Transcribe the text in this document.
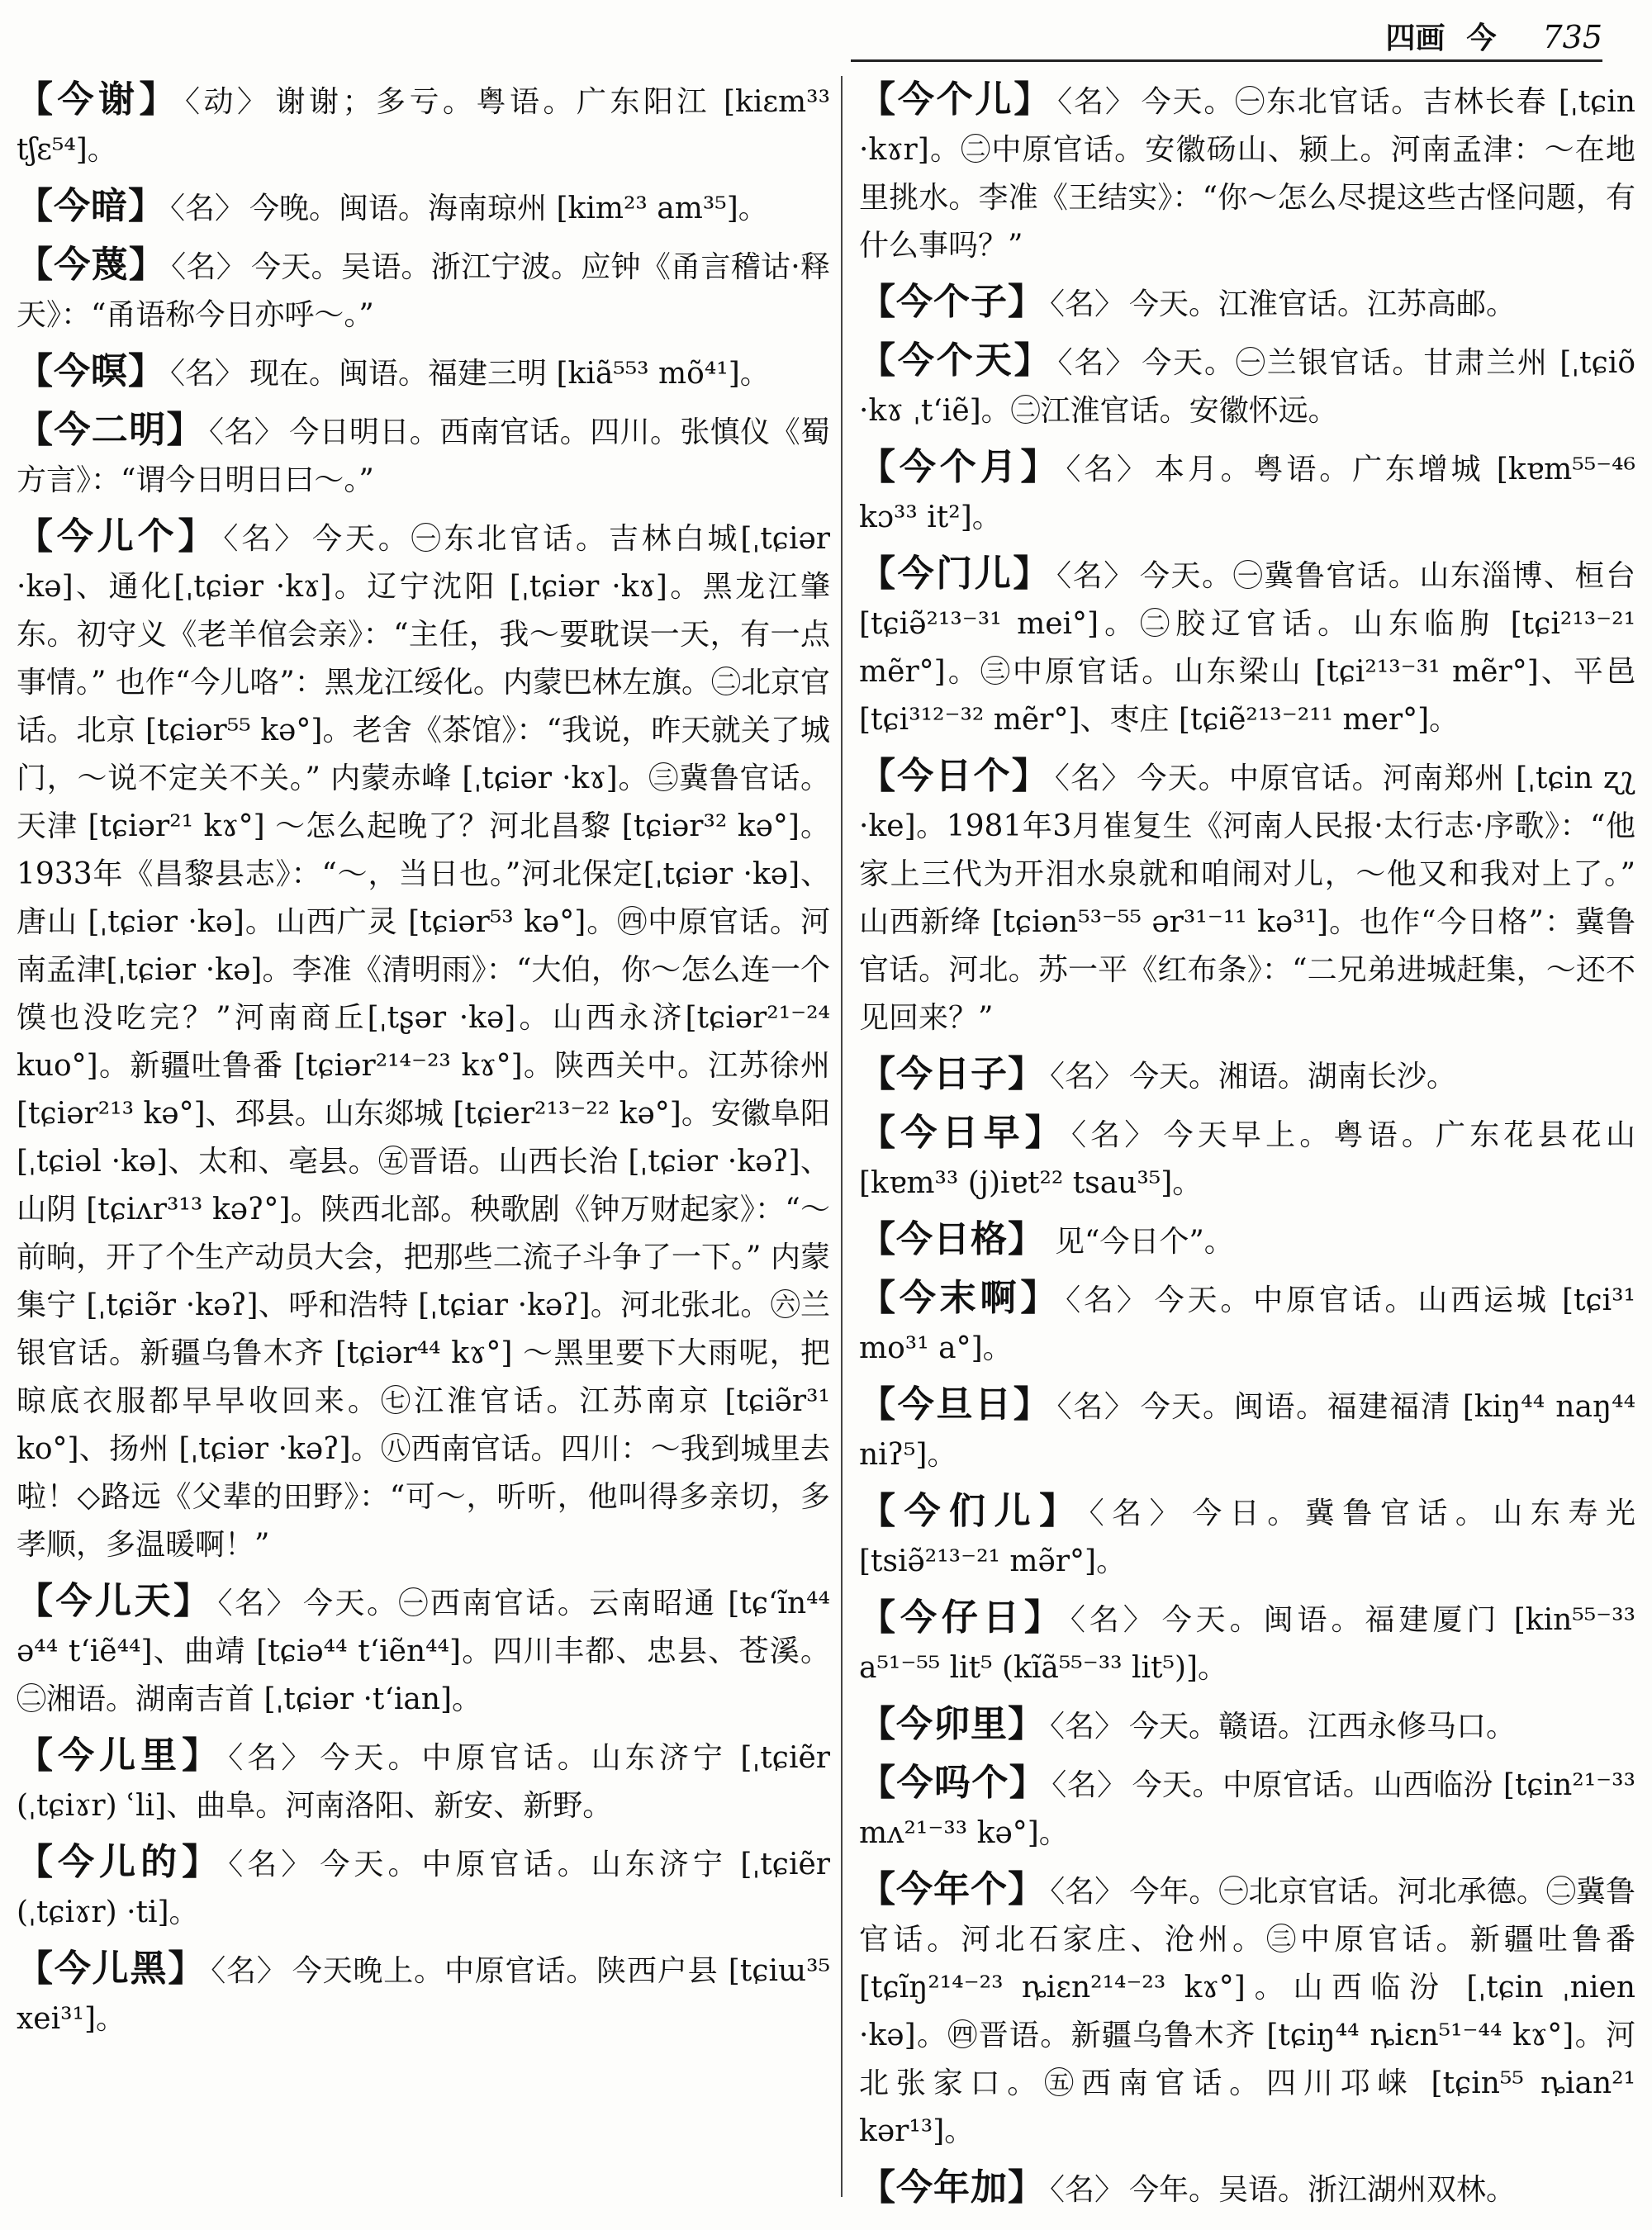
四画 今 735

【今谢】 〈动〉 谢谢；多亏。粤语。广东阳江 [kiɛm³³ tʃɛ⁵⁴]。

【今暗】 〈名〉 今晚。闽语。海南琼州 [kim²³ am³⁵]。

【今蔑】 〈名〉 今天。吴语。浙江宁波。应钟《甬言稽诂·释天》：“甬语称今日亦呼～。”

【今暝】 〈名〉 现在。闽语。福建三明 [kiã⁵⁵³ mõ⁴¹]。

【今二明】 〈名〉 今日明日。西南官话。四川。张慎仪《蜀方言》：“谓今日明日曰～。”

【今儿个】 〈名〉 今天。㊀东北官话。吉林白城[ˌtɕiər ·kə]、通化[ˌtɕiər ·kɤ]。辽宁沈阳 [ˌtɕiər ·kɤ]。黑龙江肇东。初守义《老羊倌会亲》：“主任，我～要耽误一天，有一点事情。” 也作“今儿咯”：黑龙江绥化。内蒙巴林左旗。㊁北京官话。北京 [tɕiər⁵⁵ kə°]。老舍《茶馆》：“我说，昨天就关了城门，～说不定关不关。” 内蒙赤峰 [ˌtɕiər ·kɤ]。㊂冀鲁官话。天津 [tɕiər²¹ kɤ°] ～怎么起晚了？河北昌黎 [tɕiər³² kə°]。1933年《昌黎县志》：“～，当日也。”河北保定[ˌtɕiər ·kə]、唐山 [ˌtɕiər ·kə]。山西广灵 [tɕiər⁵³ kə°]。㊃中原官话。河南孟津[ˌtɕiər ·kə]。李准《清明雨》：“大伯，你～怎么连一个馍也没吃完？”河南商丘[ˌtʂər ·kə]。山西永济[tɕiər²¹⁻²⁴ kuo°]。新疆吐鲁番 [tɕiər²¹⁴⁻²³ kɤ°]。陕西关中。江苏徐州 [tɕiər²¹³ kə°]、邳县。山东郯城 [tɕier²¹³⁻²² kə°]。安徽阜阳[ˌtɕiəl ·kə]、太和、亳县。㊄晋语。山西长治 [ˌtɕiər ·kəʔ]、山阴 [tɕiʌr³¹³ kəʔ°]。陕西北部。秧歌剧《钟万财起家》：“～前晌，开了个生产动员大会，把那些二流子斗争了一下。” 内蒙集宁 [ˌtɕiə̃r ·kəʔ]、呼和浩特 [ˌtɕiar ·kəʔ]。河北张北。㊅兰银官话。新疆乌鲁木齐 [tɕiər⁴⁴ kɤ°] ～黑里要下大雨呢，把晾底衣服都早早收回来。㊆江淮官话。江苏南京 [tɕiə̃r³¹ ko°]、扬州 [ˌtɕiər ·kəʔ]。㊇西南官话。四川：～我到城里去啦！◇路远《父辈的田野》：“可～，听听，他叫得多亲切，多孝顺，多温暖啊！”

【今儿天】 〈名〉 今天。㊀西南官话。云南昭通 [tɕ‘ĩn⁴⁴ ə⁴⁴ t‘iẽ⁴⁴]、曲靖 [tɕiə⁴⁴ t‘iẽn⁴⁴]。四川丰都、忠县、苍溪。㊁湘语。湖南吉首 [ˌtɕiər ·t‘ian]。

【今儿里】 〈名〉 今天。中原官话。山东济宁 [ˌtɕiẽr (ˌtɕiɤr) ʿli]、曲阜。河南洛阳、新安、新野。

【今儿的】 〈名〉 今天。中原官话。山东济宁 [ˌtɕiẽr (ˌtɕiɤr) ·ti]。

【今儿黑】 〈名〉 今天晚上。中原官话。陕西户县 [tɕiɯ³⁵ xei³¹]。

【今个儿】 〈名〉 今天。㊀东北官话。吉林长春 [ˌtɕin ·kɤr]。㊁中原官话。安徽砀山、颍上。河南孟津：～在地里挑水。李准《王结实》：“你～怎么尽提这些古怪问题，有什么事吗？”

【今个子】 〈名〉 今天。江淮官话。江苏高邮。

【今个天】 〈名〉 今天。㊀兰银官话。甘肃兰州 [ˌtɕiõ ·kɤ ˌt‘iẽ]。㊁江淮官话。安徽怀远。

【今个月】 〈名〉 本月。粤语。广东增城 [kɐm⁵⁵⁻⁴⁶ kɔ³³ it²]。

【今门儿】 〈名〉 今天。㊀冀鲁官话。山东淄博、桓台 [tɕiə̃²¹³⁻³¹ mei°]。㊁胶辽官话。山东临朐 [tɕi²¹³⁻²¹ mẽr°]。㊂中原官话。山东梁山 [tɕi²¹³⁻³¹ mẽr°]、平邑 [tɕi³¹²⁻³² mẽr°]、枣庄 [tɕiẽ²¹³⁻²¹¹ mer°]。

【今日个】 〈名〉 今天。中原官话。河南郑州 [ˌtɕin ʐʅ ·ke]。1981年3月崔复生《河南人民报·太行志·序歌》：“他家上三代为开泪水泉就和咱闹对儿，～他又和我对上了。” 山西新绛 [tɕiən⁵³⁻⁵⁵ ər³¹⁻¹¹ kə³¹]。也作“今日格”：冀鲁官话。河北。苏一平《红布条》：“二兄弟进城赶集，～还不见回来？”

【今日子】 〈名〉 今天。湘语。湖南长沙。

【今日早】 〈名〉 今天早上。粤语。广东花县花山 [kɐm³³ (j)iɐt²² tsau³⁵]。

【今日格】 见“今日个”。

【今末啊】 〈名〉 今天。中原官话。山西运城 [tɕi³¹ mo³¹ a°]。

【今旦日】 〈名〉 今天。闽语。福建福清 [kiŋ⁴⁴ naŋ⁴⁴ niʔ⁵]。

【今们儿】 〈名〉 今日。冀鲁官话。山东寿光 [tsiə̃²¹³⁻²¹ mə̃r°]。

【今仔日】 〈名〉 今天。闽语。福建厦门 [kin⁵⁵⁻³³ a⁵¹⁻⁵⁵ lit⁵ (kĩã⁵⁵⁻³³ lit⁵)]。

【今卯里】 〈名〉 今天。赣语。江西永修马口。

【今吗个】 〈名〉 今天。中原官话。山西临汾 [tɕin²¹⁻³³ mʌ²¹⁻³³ kə°]。

【今年个】 〈名〉 今年。㊀北京官话。河北承德。㊁冀鲁官话。河北石家庄、沧州。㊂中原官话。新疆吐鲁番 [tɕĩŋ²¹⁴⁻²³ ȵiɛn²¹⁴⁻²³ kɤ°]。山西临汾 [ˌtɕin ˌnien ·kə]。㊃晋语。新疆乌鲁木齐 [tɕiŋ⁴⁴ ȵiɛn⁵¹⁻⁴⁴ kɤ°]。河北张家口。㊄西南官话。四川邛崃 [tɕin⁵⁵ ȵian²¹ kər¹³]。

【今年加】 〈名〉 今年。吴语。浙江湖州双林。
